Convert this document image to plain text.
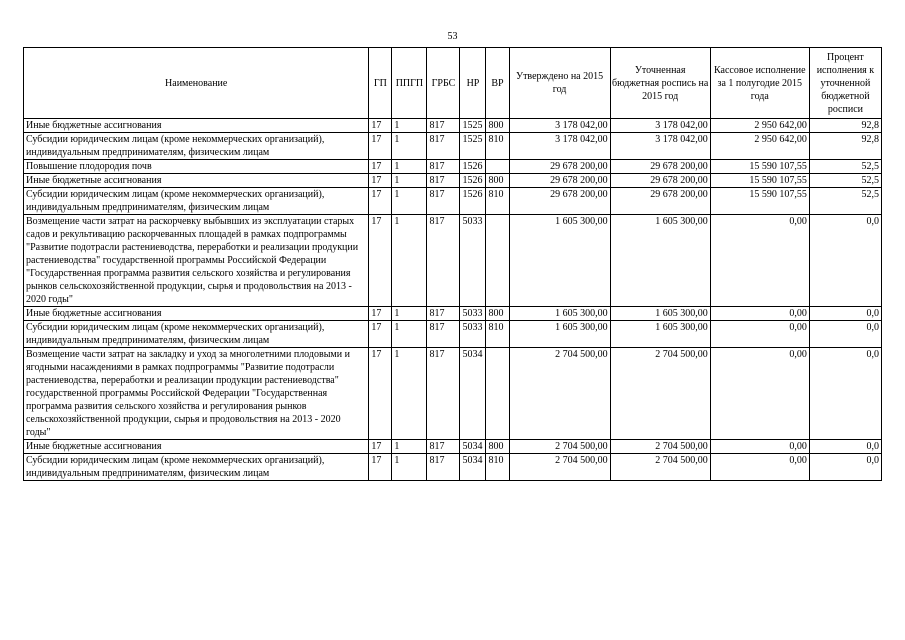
53
Наименование	ГП	ППГП	ГРБС	НР	ВР	Утверждено на 2015 год	Уточненная бюджетная роспись на 2015 год	Кассовое исполнение за 1 полугодие 2015 года	Процент исполнения к уточненной бюджетной росписи
Иные бюджетные ассигнования	17	1	817	1525	800	3 178 042,00	3 178 042,00	2 950 642,00	92,8
Субсидии юридическим лицам (кроме некоммерческих организаций), индивидуальным предпринимателям, физическим лицам	17	1	817	1525	810	3 178 042,00	3 178 042,00	2 950 642,00	92,8
Повышение плодородия почв	17	1	817	1526		29 678 200,00	29 678 200,00	15 590 107,55	52,5
Иные бюджетные ассигнования	17	1	817	1526	800	29 678 200,00	29 678 200,00	15 590 107,55	52,5
Субсидии юридическим лицам (кроме некоммерческих организаций), индивидуальным предпринимателям, физическим лицам	17	1	817	1526	810	29 678 200,00	29 678 200,00	15 590 107,55	52,5
Возмещение части затрат на раскорчевку выбывших из эксплуатации старых садов и рекультивацию раскорчеванных площадей в рамках подпрограммы "Развитие подотрасли растениеводства, переработки и реализации продукции растениеводства" государственной программы Российской Федерации "Государственная программа развития сельского хозяйства и регулирования рынков сельскохозяйственной продукции, сырья и продовольствия на 2013 - 2020 годы"	17	1	817	5033		1 605 300,00	1 605 300,00	0,00	0,0
Иные бюджетные ассигнования	17	1	817	5033	800	1 605 300,00	1 605 300,00	0,00	0,0
Субсидии юридическим лицам (кроме некоммерческих организаций), индивидуальным предпринимателям, физическим лицам	17	1	817	5033	810	1 605 300,00	1 605 300,00	0,00	0,0
Возмещение части затрат на закладку и уход за многолетними плодовыми и ягодными насаждениями в рамках подпрограммы "Развитие подотрасли растениеводства, переработки и реализации продукции растениеводства" государственной программы Российской Федерации "Государственная программа развития сельского хозяйства и регулирования рынков сельскохозяйственной продукции, сырья и продовольствия на 2013 - 2020 годы"	17	1	817	5034		2 704 500,00	2 704 500,00	0,00	0,0
Иные бюджетные ассигнования	17	1	817	5034	800	2 704 500,00	2 704 500,00	0,00	0,0
Субсидии юридическим лицам (кроме некоммерческих организаций), индивидуальным предпринимателям, физическим лицам	17	1	817	5034	810	2 704 500,00	2 704 500,00	0,00	0,0
